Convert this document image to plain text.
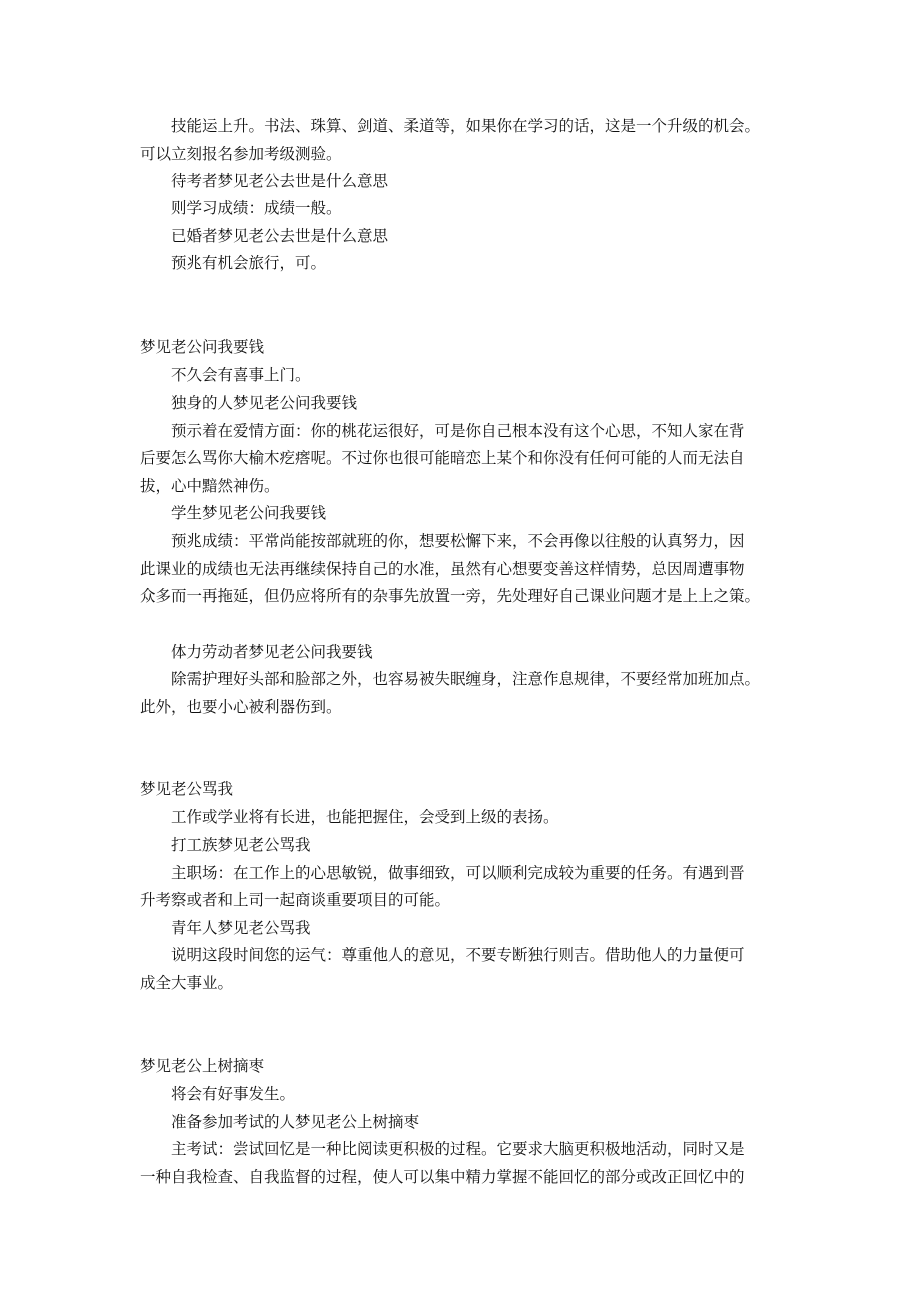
技能运上升。书法、珠算、剑道、柔道等，如果你在学习的话，这是一个升级的机会。
可以立刻报名参加考级测验。
待考者梦见老公去世是什么意思
则学习成绩：成绩一般。
已婚者梦见老公去世是什么意思
预兆有机会旅行，可。
梦见老公问我要钱
不久会有喜事上门。
独身的人梦见老公问我要钱
预示着在爱情方面：你的桃花运很好，可是你自己根本没有这个心思，不知人家在背
后要怎么骂你大榆木疙瘩呢。不过你也很可能暗恋上某个和你没有任何可能的人而无法自
拔，心中黯然神伤。
学生梦见老公问我要钱
预兆成绩：平常尚能按部就班的你，想要松懈下来，不会再像以往般的认真努力，因
此课业的成绩也无法再继续保持自己的水准，虽然有心想要变善这样情势，总因周遭事物
众多而一再拖延，但仍应将所有的杂事先放置一旁，先处理好自己课业问题才是上上之策。
体力劳动者梦见老公问我要钱
除需护理好头部和脸部之外，也容易被失眠缠身，注意作息规律，不要经常加班加点。
此外，也要小心被利器伤到。
梦见老公骂我
工作或学业将有长进，也能把握住，会受到上级的表扬。
打工族梦见老公骂我
主职场：在工作上的心思敏锐，做事细致，可以顺利完成较为重要的任务。有遇到晋
升考察或者和上司一起商谈重要项目的可能。
青年人梦见老公骂我
说明这段时间您的运气：尊重他人的意见，不要专断独行则吉。借助他人的力量便可
成全大事业。
梦见老公上树摘枣
将会有好事发生。
准备参加考试的人梦见老公上树摘枣
主考试：尝试回忆是一种比阅读更积极的过程。它要求大脑更积极地活动，同时又是
一种自我检查、自我监督的过程，使人可以集中精力掌握不能回忆的部分或改正回忆中的
